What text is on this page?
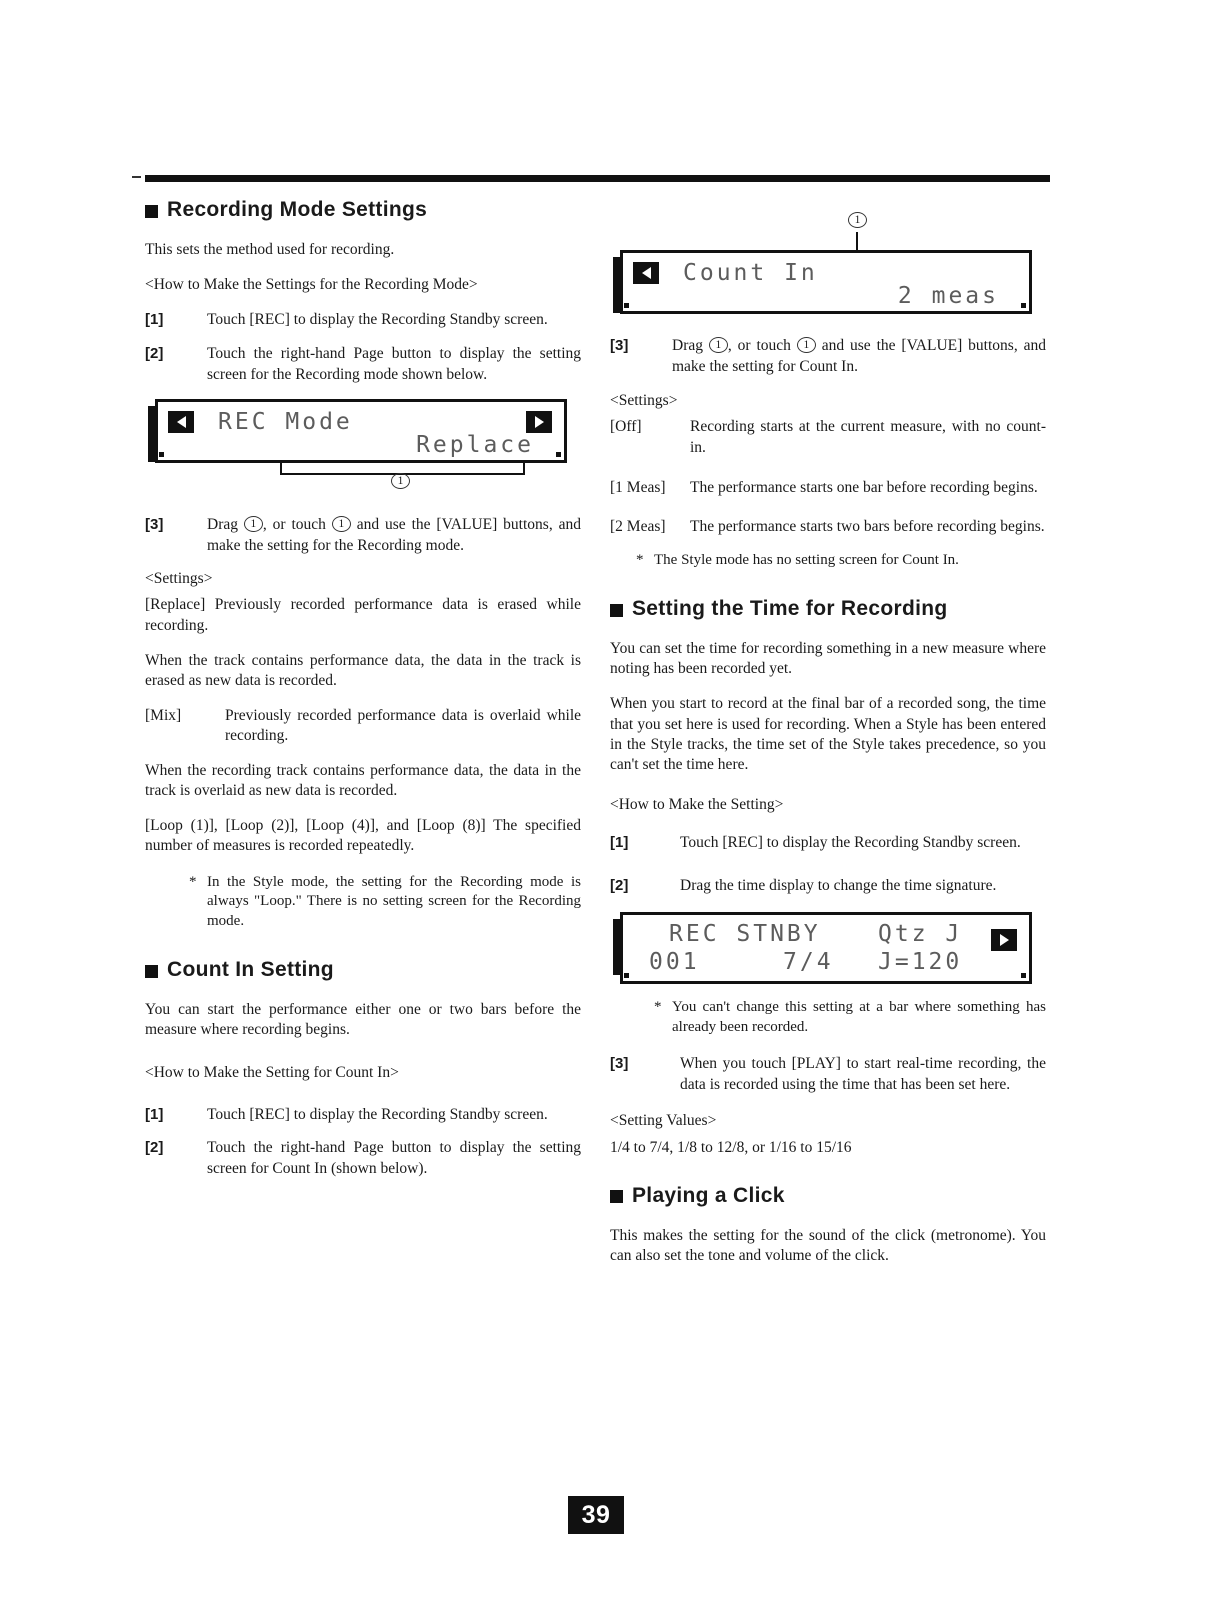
Recording Mode Settings

This sets the method used for recording.

<How to Make the Settings for the Recording Mode>

[1]	Touch [REC] to display the Recording Standby screen.
[2]	Touch the right-hand Page button to display the setting screen for the Recording mode shown below.
REC Mode
Replace
1
[3]	Drag 1 , or touch 1 and use the [VALUE] buttons, and make the setting for the Recording mode.

<Settings>

[Replace] Previously recorded performance data is erased while recording.

When the track contains performance data, the data in the track is erased as new data is recorded.

[Mix]	Previously recorded performance data is overlaid while recording.

When the recording track contains performance data, the data in the track is overlaid as new data is recorded.

[Loop (1)], [Loop (2)], [Loop (4)], and [Loop (8)] The specified number of measures is recorded repeatedly.

* In the Style mode, the setting for the Recording mode is always "Loop." There is no setting screen for the Recording mode.
Count In Setting

You can start the performance either one or two bars before the measure where recording begins.

<How to Make the Setting for Count In>

[1]	Touch [REC] to display the Recording Standby screen.
[2]	Touch the right-hand Page button to display the setting screen for Count In (shown below).
1
Count In
2 meas
[3]	Drag 1 , or touch 1 and use the [VALUE] buttons, and make the setting for Count In.

<Settings>

[Off]	Recording starts at the current measure, with no count-in.
[1 Meas]	The performance starts one bar before recording begins.
[2 Meas]	The performance starts two bars before recording begins.
* The Style mode has no setting screen for Count In.
Setting the Time for Recording

You can set the time for recording something in a new measure where noting has been recorded yet.

When you start to record at the final bar of a recorded song, the time that you set here is used for recording. When a Style has been entered in the Style tracks, the time set of the Style takes precedence, so you can't set the time here.

<How to Make the Setting>

[1]	Touch [REC] to display the Recording Standby screen.
[2]	Drag the time display to change the time signature.
REC STNBY Qtz J
001	7/4 J=120
* You can't change this setting at a bar where something has already been recorded.
[3]	When you touch [PLAY] to start real-time recording, the data is recorded using the time that has been set here.

<Setting Values>

1/4 to 7/4, 1/8 to 12/8, or 1/16 to 15/16

Playing a Click

This makes the setting for the sound of the click (metronome). You can also set the tone and volume of the click.

39
